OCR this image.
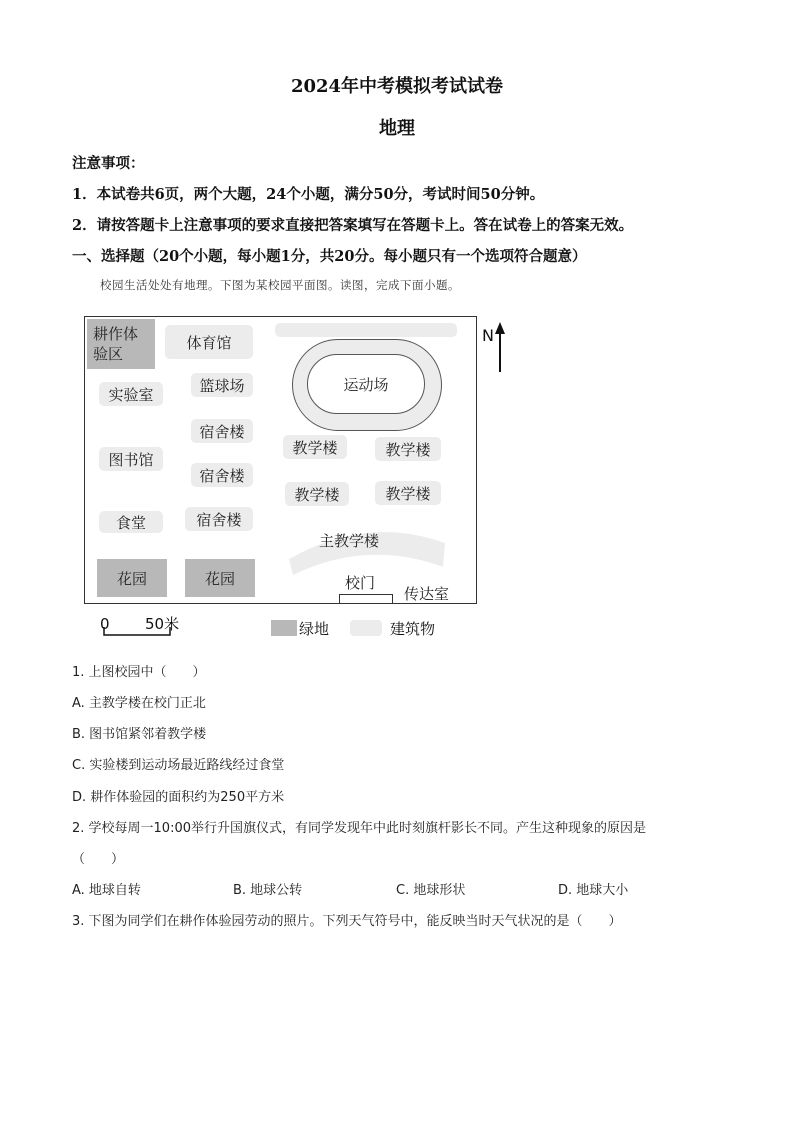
2024年中考模拟考试试卷
地理
注意事项：
1．本试卷共6页，两个大题，24个小题，满分50分，考试时间50分钟。
2．请按答题卡上注意事项的要求直接把答案填写在答题卡上。答在试卷上的答案无效。
一、选择题（20个小题，每小题1分，共20分。每小题只有一个选项符合题意）
校园生活处处有地理。下图为某校园平面图。读图，完成下面小题。
耕作体验区
体育馆
篮球场
实验室
宿舍楼
图书馆
宿舍楼
宿舍楼
食堂
花园	花园
运动场
教学楼	教学楼
教学楼	教学楼
主教学楼
校门
传达室
N
0 50米	绿地	建筑物
1. 上图校园中（　　）
A. 主教学楼在校门正北
B. 图书馆紧邻着教学楼
C. 实验楼到运动场最近路线经过食堂
D. 耕作体验园的面积约为250平方米
2. 学校每周一10:00举行升国旗仪式，有同学发现年中此时刻旗杆影长不同。产生这种现象的原因是
（　　）
A. 地球自转	B. 地球公转	C. 地球形状	D. 地球大小
3. 下图为同学们在耕作体验园劳动的照片。下列天气符号中，能反映当时天气状况的是（　　）
